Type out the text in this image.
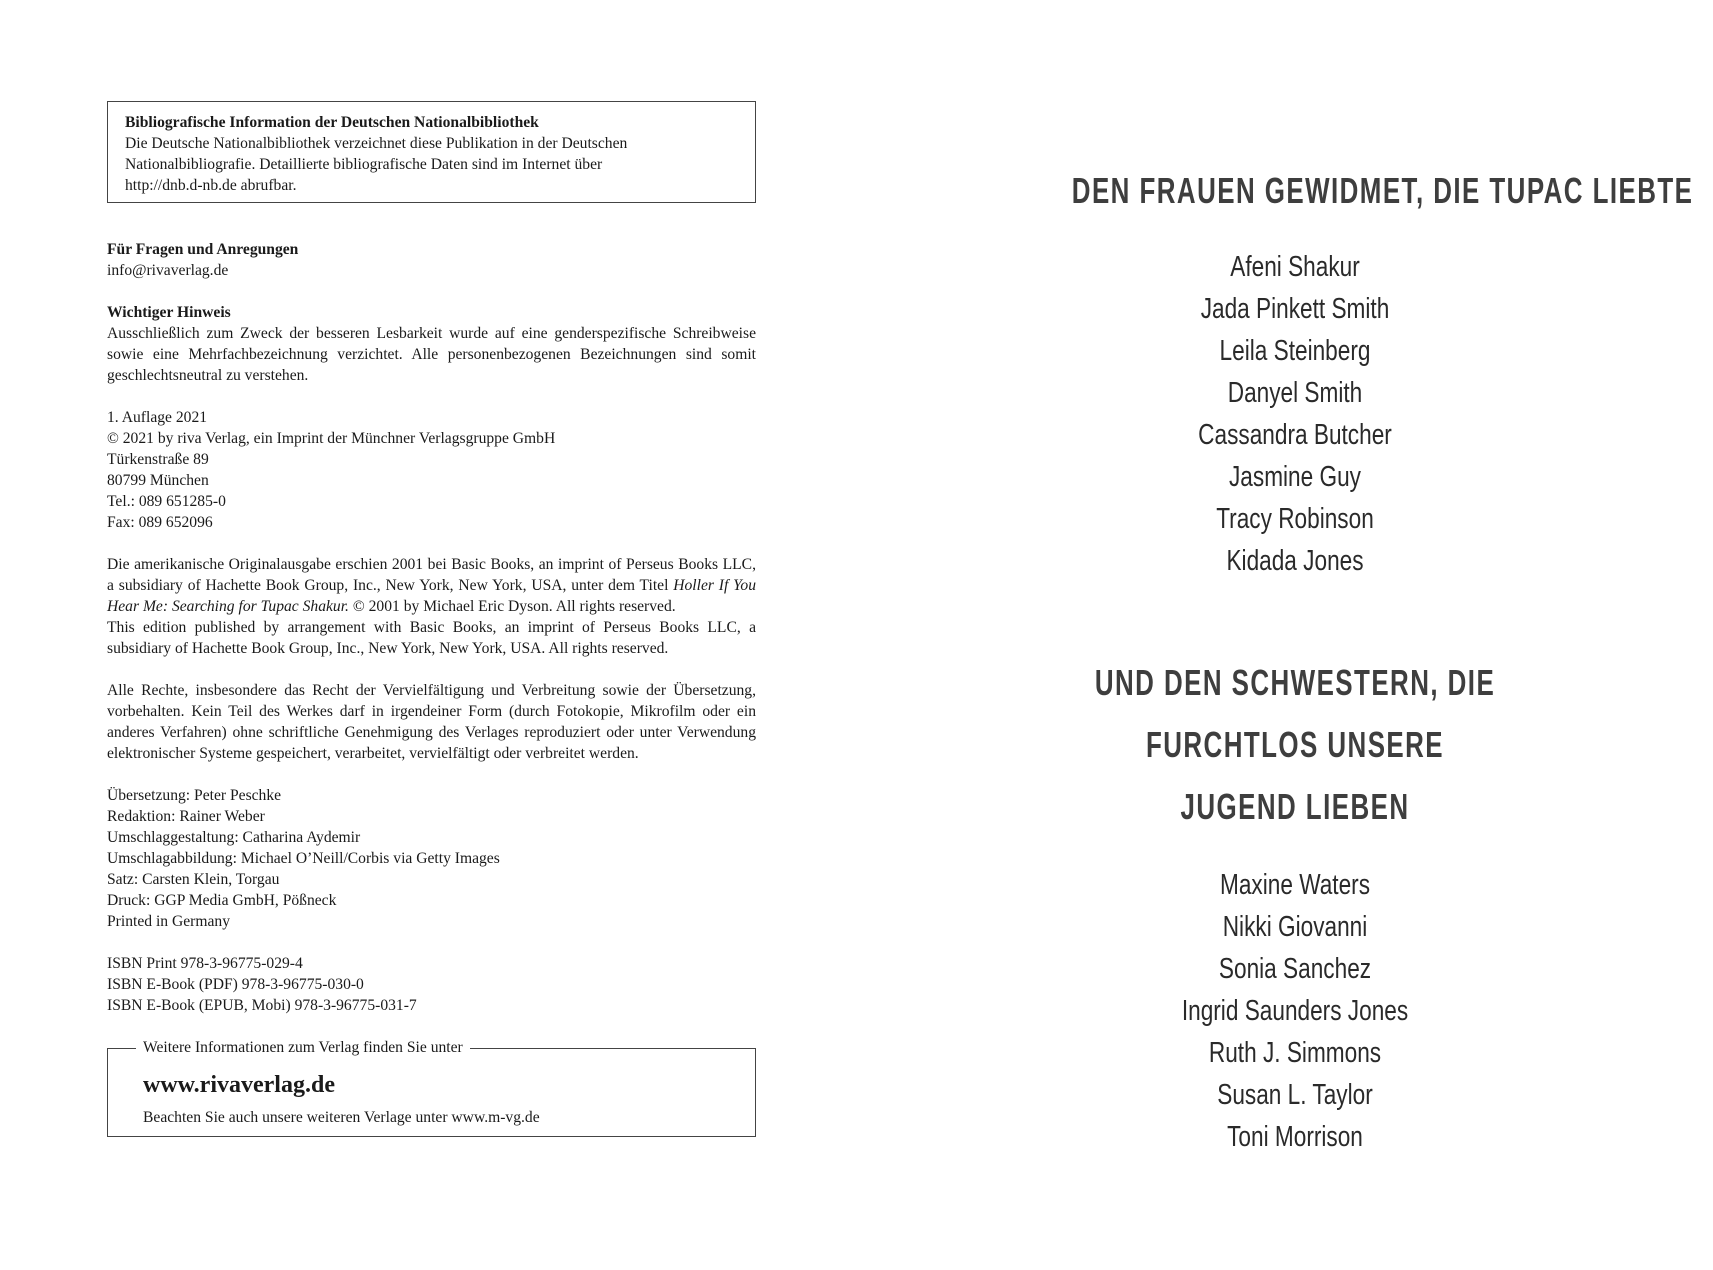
Bibliografische Information der Deutschen Nationalbibliothek
Die Deutsche Nationalbibliothek verzeichnet diese Publikation in der Deutschen
Nationalbibliografie. Detaillierte bibliografische Daten sind im Internet über
http://dnb.d-nb.de abrufbar.
Für Fragen und Anregungen
info@rivaverlag.de
Wichtiger Hinweis
Ausschließlich zum Zweck der besseren Lesbarkeit wurde auf eine genderspezifische Schreibweise sowie eine Mehrfachbezeichnung verzichtet. Alle personenbezogenen Bezeichnungen sind somit geschlechtsneutral zu verstehen.
1. Auflage 2021
© 2021 by riva Verlag, ein Imprint der Münchner Verlagsgruppe GmbH
Türkenstraße 89
80799 München
Tel.: 089 651285-0
Fax: 089 652096
Die amerikanische Originalausgabe erschien 2001 bei Basic Books, an imprint of Perseus Books LLC, a subsidiary of Hachette Book Group, Inc., New York, New York, USA, unter dem Titel Holler If You Hear Me: Searching for Tupac Shakur. © 2001 by Michael Eric Dyson. All rights reserved.
This edition published by arrangement with Basic Books, an imprint of Perseus Books LLC, a subsidiary of Hachette Book Group, Inc., New York, New York, USA. All rights reserved.
Alle Rechte, insbesondere das Recht der Vervielfältigung und Verbreitung sowie der Übersetzung, vorbehalten. Kein Teil des Werkes darf in irgendeiner Form (durch Fotokopie, Mikrofilm oder ein anderes Verfahren) ohne schriftliche Genehmigung des Verlages reproduziert oder unter Verwendung elektronischer Systeme gespeichert, verarbeitet, vervielfältigt oder verbreitet werden.
Übersetzung: Peter Peschke
Redaktion: Rainer Weber
Umschlaggestaltung: Catharina Aydemir
Umschlagabbildung: Michael O’Neill/Corbis via Getty Images
Satz: Carsten Klein, Torgau
Druck: GGP Media GmbH, Pößneck
Printed in Germany
ISBN Print 978-3-96775-029-4
ISBN E-Book (PDF) 978-3-96775-030-0
ISBN E-Book (EPUB, Mobi) 978-3-96775-031-7
Weitere Informationen zum Verlag finden Sie unter
www.rivaverlag.de
Beachten Sie auch unsere weiteren Verlage unter www.m-vg.de
DEN FRAUEN GEWIDMET, DIE TUPAC LIEBTE
Afeni Shakur
Jada Pinkett Smith
Leila Steinberg
Danyel Smith
Cassandra Butcher
Jasmine Guy
Tracy Robinson
Kidada Jones
UND DEN SCHWESTERN, DIE FURCHTLOS UNSERE
JUGEND LIEBEN
Maxine Waters
Nikki Giovanni
Sonia Sanchez
Ingrid Saunders Jones
Ruth J. Simmons
Susan L. Taylor
Toni Morrison
